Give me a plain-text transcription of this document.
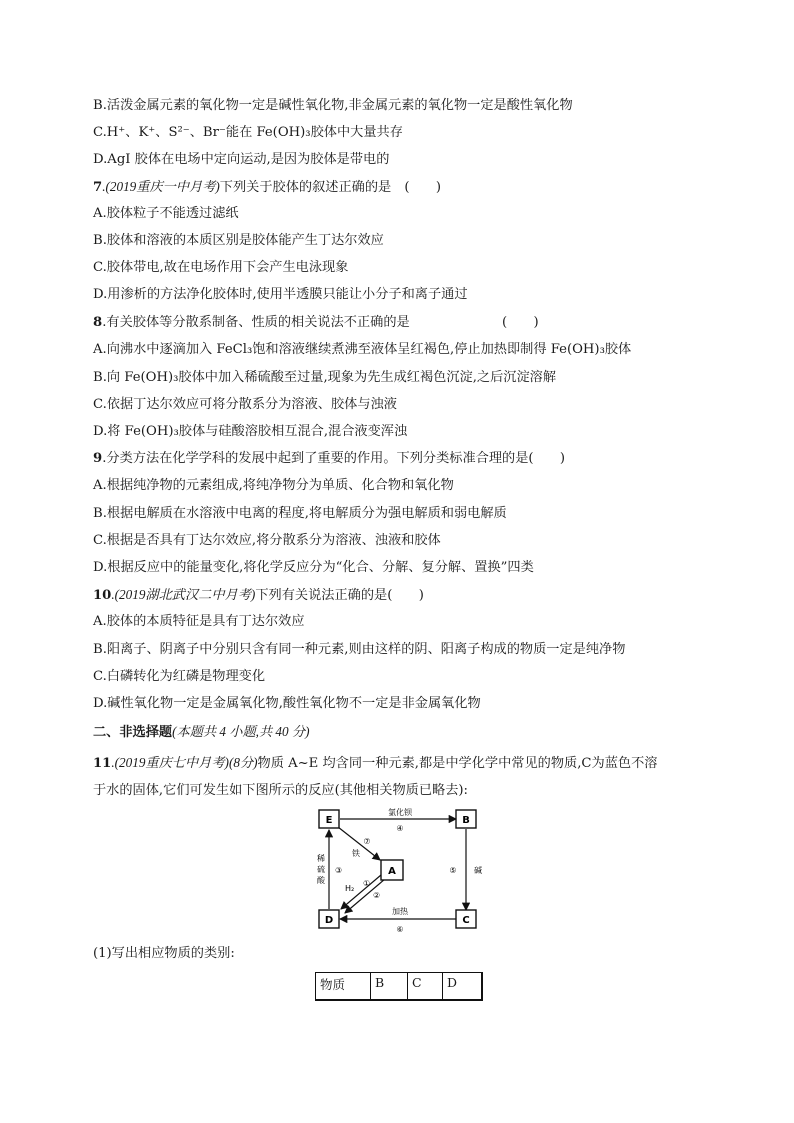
B.活泼金属元素的氧化物一定是碱性氧化物,非金属元素的氧化物一定是酸性氧化物
C.H⁺、K⁺、S²⁻、Br⁻能在 Fe(OH)₃胶体中大量共存
D.AgI 胶体在电场中定向运动,是因为胶体是带电的
7.(2019重庆一中月考)下列关于胶体的叙述正确的是　(　　)
A.胶体粒子不能透过滤纸
B.胶体和溶液的本质区别是胶体能产生丁达尔效应
C.胶体带电,故在电场作用下会产生电泳现象
D.用渗析的方法净化胶体时,使用半透膜只能让小分子和离子通过
8.有关胶体等分散系制备、性质的相关说法不正确的是　　　　　　　(　　)
A.向沸水中逐滴加入 FeCl₃饱和溶液继续煮沸至液体呈红褐色,停止加热即制得 Fe(OH)₃胶体
B.向 Fe(OH)₃胶体中加入稀硫酸至过量,现象为先生成红褐色沉淀,之后沉淀溶解
C.依据丁达尔效应可将分散系分为溶液、胶体与浊液
D.将 Fe(OH)₃胶体与硅酸溶胶相互混合,混合液变浑浊
9.分类方法在化学学科的发展中起到了重要的作用。下列分类标准合理的是(　　)
A.根据纯净物的元素组成,将纯净物分为单质、化合物和氧化物
B.根据电解质在水溶液中电离的程度,将电解质分为强电解质和弱电解质
C.根据是否具有丁达尔效应,将分散系分为溶液、浊液和胶体
D.根据反应中的能量变化,将化学反应分为“化合、分解、复分解、置换”四类
10.(2019湖北武汉二中月考)下列有关说法正确的是(　　)
A.胶体的本质特征是具有丁达尔效应
B.阳离子、阴离子中分别只含有同一种元素,则由这样的阴、阳离子构成的物质一定是纯净物
C.白磷转化为红磷是物理变化
D.碱性氧化物一定是金属氧化物,酸性氧化物不一定是非金属氧化物
二、非选择题(本题共 4 小题,共 40 分)
11.(2019重庆七中月考)(8分)物质 A~E 均含同一种元素,都是中学化学中常见的物质,C为蓝色不溶
于水的固体,它们可发生如下图所示的反应(其他相关物质已略去):
E	B
A
D	C
氯化钡
④
⑦
铁
稀 硫 酸
③	⑤ 碱
H₂
①
②
加热
⑥
(1)写出相应物质的类别:
物质	B	C	D
